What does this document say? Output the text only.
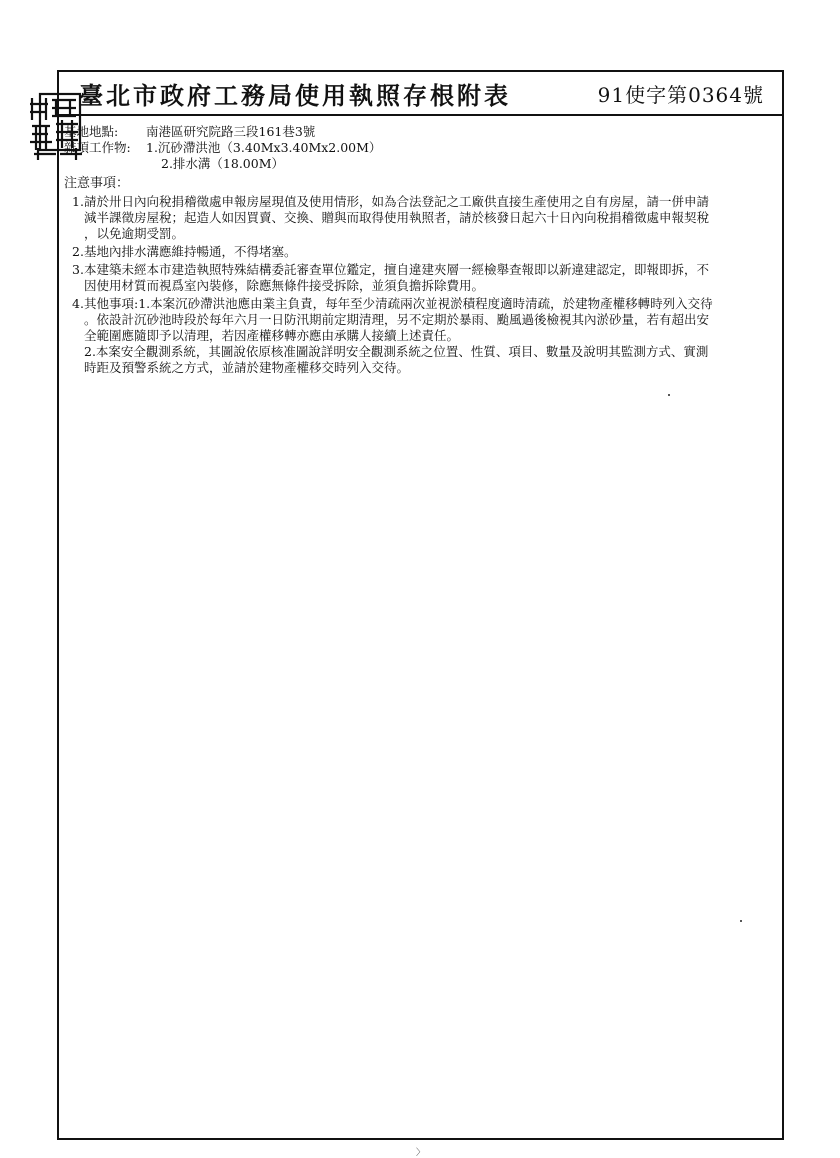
臺北市政府工務局使用執照存根附表	91使字第0364號
基地地點: 南港區研究院路三段161巷3號
雜項工作物: 1.沉砂滯洪池（3.40Mx3.40Mx2.00M）
2.排水溝（18.00M）
注意事項：
1. 請於卅日內向稅捐稽徵處申報房屋現值及使用情形，如為合法登記之工廠供直接生產使用之自有房屋，請一併申請
減半課徵房屋稅；起造人如因買賣、交換、贈與而取得使用執照者，請於核發日起六十日內向稅捐稽徵處申報契稅
，以免逾期受罰。
2. 基地內排水溝應維持暢通，不得堵塞。
3. 本建築未經本市建造執照特殊結構委託審查單位鑑定，擅自違建夾層一經檢舉查報即以新違建認定，即報即拆，不
因使用材質而視爲室內裝修，除應無條件接受拆除，並須負擔拆除費用。
4. 其他事項:1.本案沉砂滯洪池應由業主負責，每年至少清疏兩次並視淤積程度適時清疏，於建物產權移轉時列入交待
。依設計沉砂池時段於每年六月一日防汛期前定期清理，另不定期於暴雨、颱風過後檢視其內淤砂量，若有超出安
全範圍應隨即予以清理，若因產權移轉亦應由承購人接續上述責任。
2.本案安全觀測系統，其圖說依原核准圖說詳明安全觀測系統之位置、性質、項目、數量及說明其監測方式、實測
時距及預警系統之方式，並請於建物產權移交時列入交待。
〉
